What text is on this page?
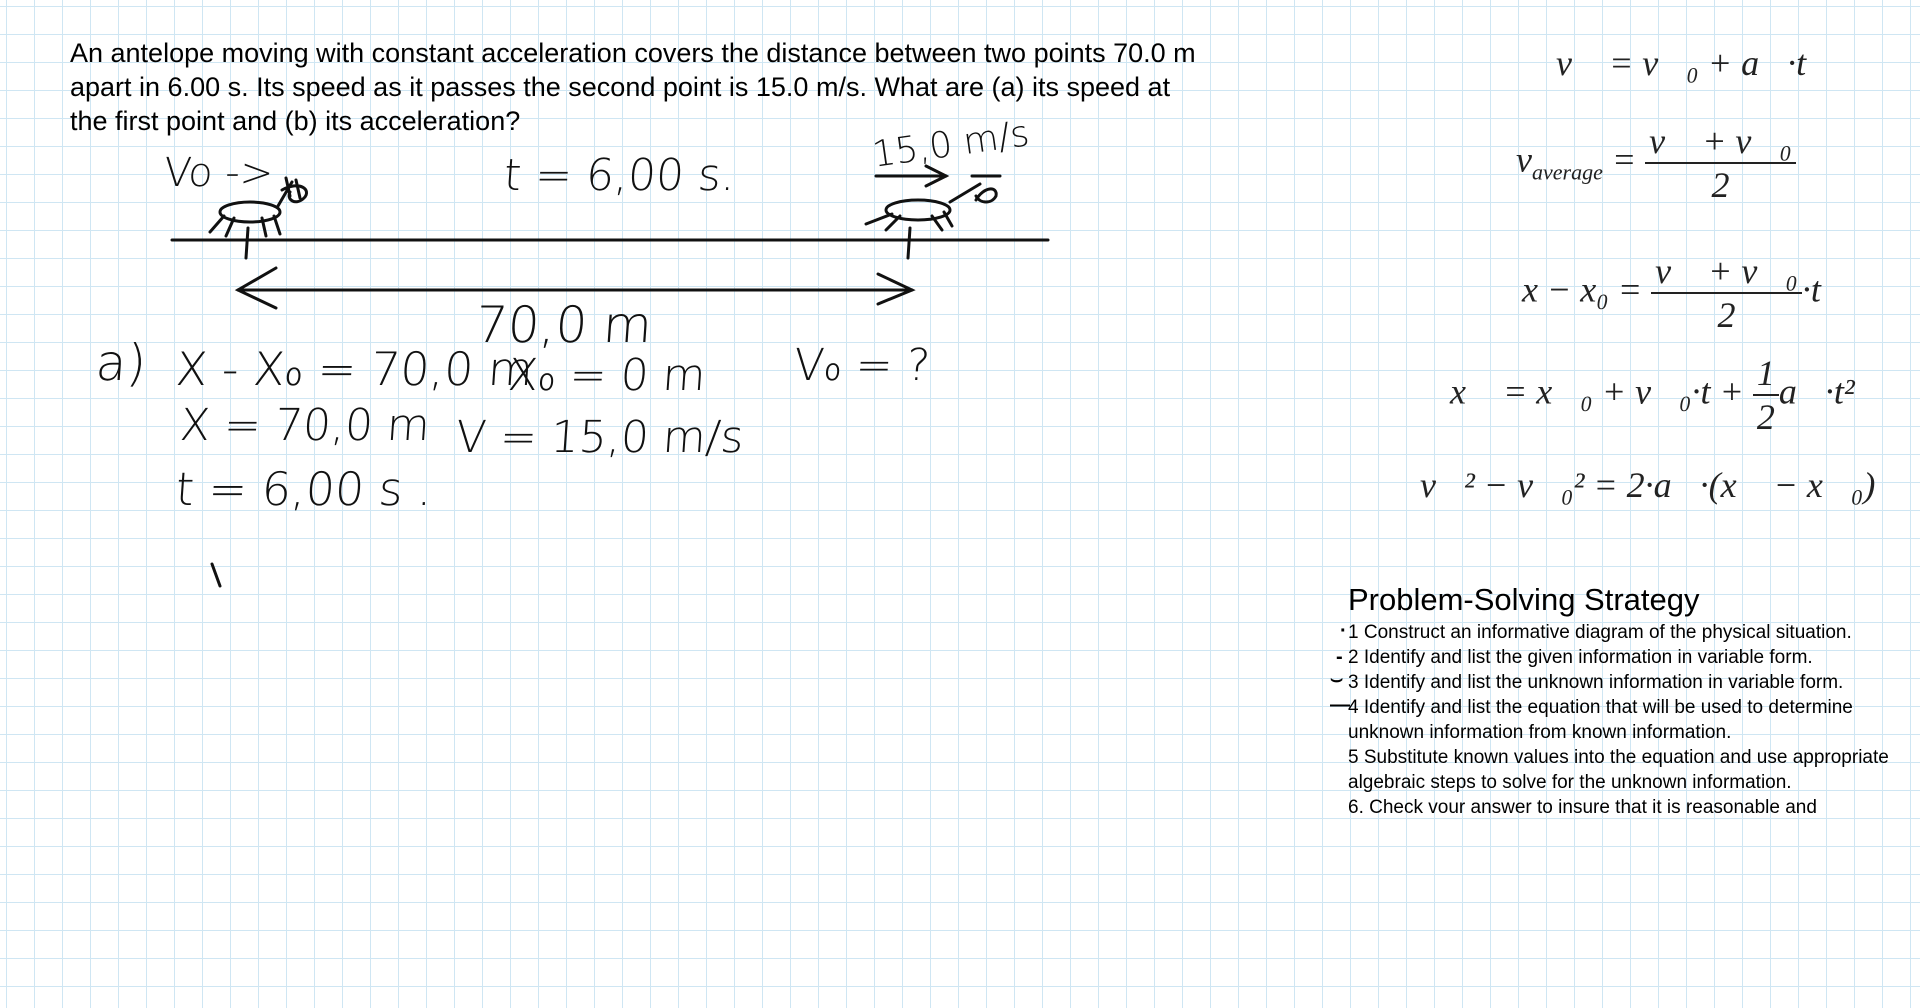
An antelope moving with constant acceleration covers the distance between two points 70.0 m
apart in 6.00 s. Its speed as it passes the second point is 15.0 m/s. What are (a) its speed at
the first point and (b) its acceleration?
Vo ->	t = 6,00 s.	15,0 m/s
70,0 m
a) X - X₀ = 70,0 m
X = 70,0 m
t = 6,00 s .
X₀ = 0 m
V = 15,0 m/s
V₀ = ?
v⃗ = v⃗₀ + a⃗·t
$v_{average} = \frac{\text{v⃗ + v⃗₀}}{2}$
$x - x_0 = \frac{\text{v⃗ + v⃗₀}}{2} \cdot t$
x⃗ = x⃗₀ + v⃗₀·t + $\frac{1}{2}$ a⃗·t²
v⃗² − v⃗₀² = 2·a⃗·(x⃗ − x⃗₀)
Problem-Solving Strategy
·
-
⌣
—
1 Construct an informative diagram of the physical situation.
2 Identify and list the given information in variable form.
3 Identify and list the unknown information in variable form.
4 Identify and list the equation that will be used to determine unknown information from known information.
5 Substitute known values into the equation and use appropriate algebraic steps to solve for the unknown information.
6. Check vour answer to insure that it is reasonable and
